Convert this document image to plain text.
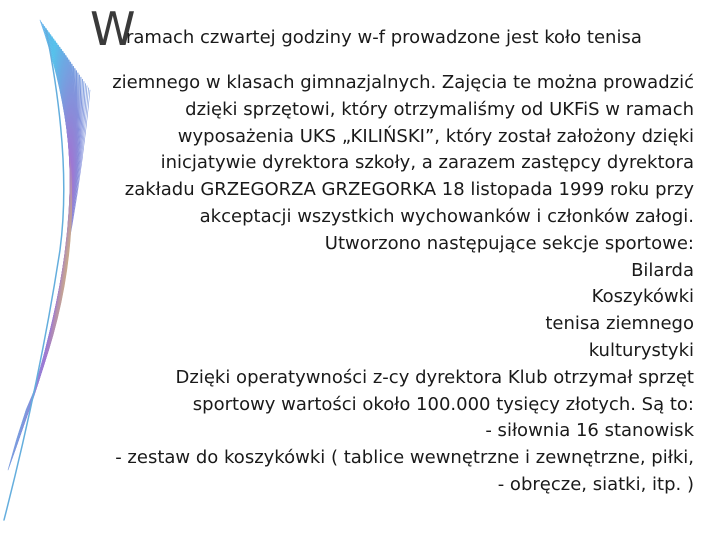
W
ramach czwartej godziny w-f prowadzone jest koło tenisa
ziemnego w klasach gimnazjalnych. Zajęcia te można prowadzić
dzięki sprzętowi, który otrzymaliśmy od UKFiS w ramach
wyposażenia UKS „KILIŃSKI”, który został założony dzięki
inicjatywie dyrektora szkoły, a zarazem zastępcy dyrektora
zakładu GRZEGORZA GRZEGORKA 18 listopada 1999 roku przy
akceptacji wszystkich wychowanków i członków załogi.
Utworzono następujące sekcje sportowe:
Bilarda
Koszykówki
tenisa ziemnego
kulturystyki
Dzięki operatywności z-cy dyrektora Klub otrzymał sprzęt
sportowy wartości około 100.000 tysięcy złotych. Są to:
- siłownia 16 stanowisk
- zestaw do koszykówki ( tablice wewnętrzne i zewnętrzne, piłki,
- obręcze, siatki, itp. )
